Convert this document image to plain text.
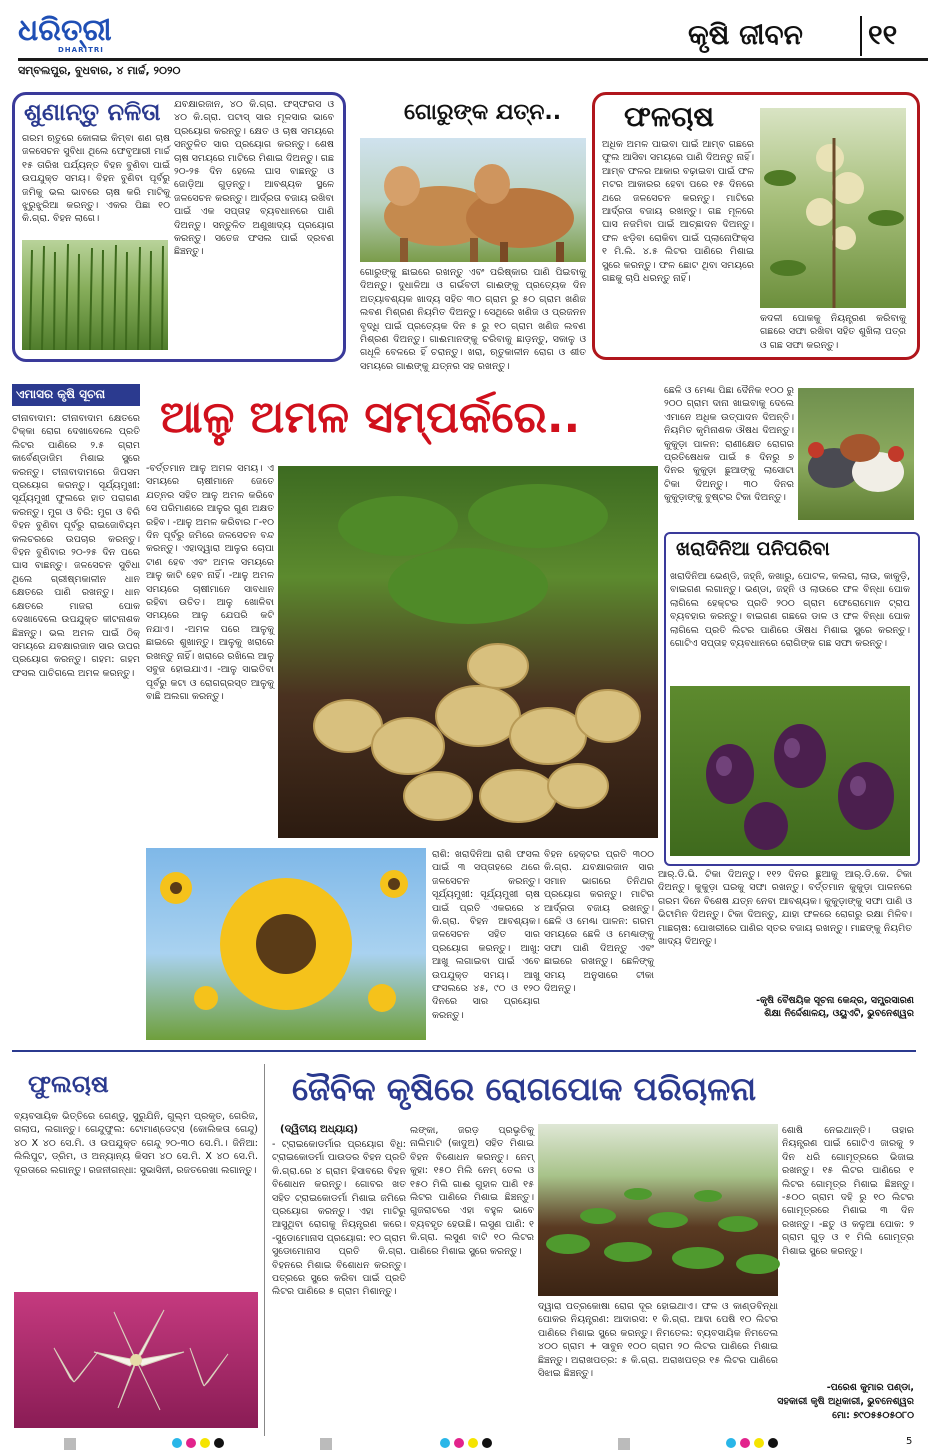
ଧରିତ୍ରୀ
DHARITRI
ସମ୍ବଲପୁର, ବୁଧବାର, ୪ ମାର୍ଚ୍ଚ, ୨୦୨୦
କୃଷି ଜୀବନ ୧୧
ଶୁଣାନ୍ତୁ ନଳିତା
ଗରମ ଋତୁରେ କୋଳାଇ କିମ୍ବା ଶଣ ଚାଷ ଜଳସେଚନ ସୁବିଧା ଥିଲେ ଫେବୃଆରୀ ମାର୍ଚ୍ଚ ୧୫ ତାରିଖ ପର୍ଯ୍ୟନ୍ତ ବିହନ ବୁଣିବା ପାଇଁ ଉପଯୁକ୍ତ ସମୟ। ବିହନ ବୁଣିବା ପୂର୍ବରୁ ଜମିକୁ ଭଲ ଭାବରେ ଚାଷ କରି ମାଟିକୁ ଝୁରୁଝୁରିଆ କରନ୍ତୁ। ଏକର ପିଛା ୧୦ କି.ଗ୍ରା. ବିହନ ଲାଗେ।
ଯବକ୍ଷାରଜାନ, ୪୦ କି.ଗ୍ରା. ଫସ୍‌ଫରସ ଓ ୪୦ କି.ଗ୍ରା. ପଟାସ୍ ସାର ମୂଳସାର ଭାବେ ପ୍ରୟୋଗ କରନ୍ତୁ। କ୍ଷେତ ଓ ଚାଷ ସମୟରେ ସନ୍ତୁଳିତ ସାର ପ୍ରୟୋଗ କରନ୍ତୁ। ଶେଷ ଚାଷ ସମୟରେ ମାଟିରେ ମିଶାଇ ଦିଅନ୍ତୁ। ଗଛ ୨୦-୨୫ ଦିନ ହେଲେ ଘାସ ବାଛନ୍ତୁ ଓ ଜୋଡ଼ିଆ ଗୁଡ଼ନ୍ତୁ। ଆବଶ୍ୟକ ସ୍ଥଳେ ଜଳସେଚନ କରନ୍ତୁ। ଆର୍ଦ୍ରତା ବଜାୟ ରଖିବା ପାଇଁ ଏକ ସପ୍ତାହ ବ୍ୟବଧାନରେ ପାଣି ଦିଅନ୍ତୁ। ସନ୍ତୁଳିତ ଅଣୁଖାଦ୍ୟ ପ୍ରୟୋଗ କରନ୍ତୁ। ସତେଜ ଫସଲ ପାଇଁ ଦ୍ରବଣ ଛିଞ୍ଚନ୍ତୁ।
ଗୋରୁଙ୍କ ଯତ୍ନ..
ଗୋରୁଙ୍କୁ ଛାଇରେ ରଖନ୍ତୁ ଏବଂ ପରିଷ୍କାର ପାଣି ପିଇବାକୁ ଦିଅନ୍ତୁ। ଦୁଧାଳିଆ ଓ ଗର୍ଭବତୀ ଗାଈଙ୍କୁ ପ୍ରତ୍ୟେକ ଦିନ ଅତ୍ୟାବଶ୍ୟକ ଖାଦ୍ୟ ସହିତ ୩୦ ଗ୍ରାମ ରୁ ୫୦ ଗ୍ରାମ ଖଣିଜ ଲବଣ ମିଶ୍ରଣ ନିୟମିତ ଦିଅନ୍ତୁ। ସେଥିରେ ଖଣିଜ ଓ ପ୍ରଜନନ ବୃଦ୍ଧି ପାଇଁ ପ୍ରତ୍ୟେକ ଦିନ ୫ ରୁ ୧୦ ଗ୍ରାମ ଖଣିଜ ଲବଣ ମିଶ୍ରଣ ଦିଅନ୍ତୁ। ଗାଈମାନଙ୍କୁ ଚରିବାକୁ ଛାଡ଼ନ୍ତୁ, ସକାଳୁ ଓ ଗଧୂଳି ବେଳରେ ହିଁ ଚରାନ୍ତୁ। ଖରା, ଋତୁକାଳୀନ ରୋଗ ଓ ଶୀତ ସମୟରେ ଗାଈଙ୍କୁ ଯତ୍ନର ସହ ରଖନ୍ତୁ।
ଫଳଚାଷ
ଅଧିକ ଅମଳ ପାଇବା ପାଇଁ ଆମ୍ବ ଗଛରେ ଫୁଲ ଆସିବା ସମୟରେ ପାଣି ଦିଅନ୍ତୁ ନାହିଁ। ଆମ୍ବ ଫଳର ଆକାର ବଢ଼ାଇବା ପାଇଁ ଫଳ ମଟର ଆକାରର ହେବା ପରେ ୧୫ ଦିନରେ ଥରେ ଜଳସେଚନ କରନ୍ତୁ। ମାଟିରେ ଆର୍ଦ୍ରତା ବଜାୟ ରଖନ୍ତୁ। ଗଛ ମୂଳରେ ଘାସ ନଜମିବା ପାଇଁ ଆଚ୍ଛାଦନ ଦିଅନ୍ତୁ। ଫଳ ଝଡ଼ିବା ରୋକିବା ପାଇଁ ପ୍ଲାନୋଫିକ୍ସ ୧ ମି.ଲି. ୪.୫ ଲିଟର ପାଣିରେ ମିଶାଇ ସ୍ପ୍ରେ କରନ୍ତୁ। ଫଳ ଛୋଟ ଥିବା ସମୟରେ ଗଛକୁ ଚାପି ଧରନ୍ତୁ ନାହିଁ।
କଦଳୀ ପୋକକୁ ନିୟନ୍ତ୍ରଣ କରିବାକୁ ଗଛରେ ସଫା ରଖିବା ସହିତ ଶୁଖିଲା ପତ୍ର ଓ ଗଛ ସଫା କରନ୍ତୁ।
ଏମାସର କୃଷି ସୂଚନା
ଚୀନାବାଦାମ: ଚୀନାବାଦାମ କ୍ଷେତରେ ଟିକ୍କା ରୋଗ ଦେଖାଦେଲେ ପ୍ରତି ଲିଟର ପାଣିରେ ୨.୫ ଗ୍ରାମ କାର୍ବେଣ୍ଡାଜିମ ମିଶାଇ ସ୍ପ୍ରେ କରନ୍ତୁ। ଚୀନାବାଦାମରେ ଜିପସମ ପ୍ରୟୋଗ କରନ୍ତୁ। ସୂର୍ଯ୍ୟମୁଖୀ: ସୂର୍ଯ୍ୟମୁଖୀ ଫୁଲରେ ହାତ ପରାଗଣ କରନ୍ତୁ। ମୁଗ ଓ ବିରି: ମୁଗ ଓ ବିରି ବିହନ ବୁଣିବା ପୂର୍ବରୁ ରାଇଜୋବିୟମ କଲଚରରେ ଉପଚାର କରନ୍ତୁ। ବିହନ ବୁଣିବାର ୨୦-୨୫ ଦିନ ପରେ ଘାସ ବାଛନ୍ତୁ। ଜଳସେଚନ ସୁବିଧା ଥିଲେ ଗ୍ରୀଷ୍ମକାଳୀନ ଧାନ କ୍ଷେତରେ ପାଣି ରଖନ୍ତୁ। ଧାନ କ୍ଷେତରେ ମାଜରା ପୋକ ଦେଖାଦେଲେ ଉପଯୁକ୍ତ କୀଟନାଶକ ଛିଞ୍ଚନ୍ତୁ। ଭଲ ଅମଳ ପାଇଁ ଠିକ୍ ସମୟରେ ଯବକ୍ଷାରଜାନ ସାର ଉପର ପ୍ରୟୋଗ କରନ୍ତୁ। ଗହମ: ଗହମ ଫସଲ ପାଚିଗଲେ ଅମଳ କରନ୍ତୁ।
ଆଳୁ ଅମଳ ସମ୍ପର୍କରେ..
-ବର୍ତ୍ତମାନ ଆଳୁ ଅମଳ ସମୟ। ଏ ସମୟରେ ଚାଷୀମାନେ ଜେତେ ଯତ୍ନର ସହିତ ଆଳୁ ଅମଳ କରିବେ ସେ ପରିମାଣରେ ଆଳୁର ଗୁଣ ଅକ୍ଷତ ରହିବ। -ଆଳୁ ଅମଳ କରିବାର ୮-୧୦ ଦିନ ପୂର୍ବରୁ ଜମିରେ ଜଳସେଚନ ବନ୍ଦ କରନ୍ତୁ। ଏହାଦ୍ୱାରା ଆଳୁର ଚୋପା ଟାଣ ହେବ ଏବଂ ଅମଳ ସମୟରେ ଆଳୁ କାଟି ହେବ ନାହିଁ। -ଆଳୁ ଅମଳ ସମୟରେ ଚାଷୀମାନେ ସାବଧାନ ରହିବା ଉଚିତ। ଆଳୁ ଖୋଳିବା ସମୟରେ ଆଳୁ ଯେପରି କଟି ନଯାଏ। -ଅମଳ ପରେ ଆଳୁକୁ ଛାଇରେ ଶୁଖାନ୍ତୁ। ଆଳୁକୁ ଖରାରେ ରଖନ୍ତୁ ନାହିଁ। ଖରାରେ ରଖିଲେ ଆଳୁ ସବୁଜ ହୋଇଯାଏ। -ଆଳୁ ସାଇତିବା ପୂର୍ବରୁ କଟା ଓ ରୋଗଗ୍ରସ୍ତ ଆଳୁକୁ ବାଛି ଅଲଗା କରନ୍ତୁ।
ଛେଳି ଓ ମେଣ୍ଢା ପିଛା ଦୈନିକ ୧୦୦ ରୁ ୨୦୦ ଗ୍ରାମ ଦାନା ଖାଇବାକୁ ଦେଲେ ଏମାନେ ଅଧିକ ଉତ୍ପାଦନ ଦିଅନ୍ତି। ନିୟମିତ କୃମିନାଶକ ଔଷଧ ଦିଅନ୍ତୁ। କୁକୁଡ଼ା ପାଳନ: ରାଣୀକ୍ଷେତ ରୋଗର ପ୍ରତିଷେଧକ ପାଇଁ ୫ ଦିନରୁ ୭ ଦିନର କୁକୁଡ଼ା ଛୁଆଙ୍କୁ ଲାସୋଟା ଟିକା ଦିଅନ୍ତୁ। ୩୦ ଦିନର କୁକୁଡ଼ାଙ୍କୁ ବୁଷ୍ଟର ଟିକା ଦିଅନ୍ତୁ।
ଖରାଦିନିଆ ପନିପରିବା
ଖରାଦିନିଆ ଭେଣ୍ଡି, ଜହ୍ନି, କଖାରୁ, ପୋଟଳ, କଲରା, ଲାଉ, କାକୁଡ଼ି, ବାଇଗଣ ଲଗାନ୍ତୁ। ଭଣ୍ଡା, ଜହ୍ନି ଓ ଲାଉରେ ଫଳ ବିନ୍ଧା ପୋକ ଲାଗିଲେ ହେକ୍ଟର ପ୍ରତି ୨୦୦ ଗ୍ରାମ ଫେରୋମୋନ ଟ୍ରାପ ବ୍ୟବହାର କରନ୍ତୁ। ବାଇଗଣ ଗଛରେ ଡାଳ ଓ ଫଳ ବିନ୍ଧା ପୋକ ଲାଗିଲେ ପ୍ରତି ଲିଟର ପାଣିରେ ଔଷଧ ମିଶାଇ ସ୍ପ୍ରେ କରନ୍ତୁ। ଗୋଟିଏ ସପ୍ତାହ ବ୍ୟବଧାନରେ ରୋଗିଙ୍କ ଗଛ ସଫା କରନ୍ତୁ।
ରାଶି: ଖରାଦିନିଆ ରାଶି ଫସଲ ପାଇଁ ୩ ସପ୍ତାହରେ ଥରେ ଜଳସେଚନ କରନ୍ତୁ। ସୂର୍ଯ୍ୟମୁଖୀ: ସୂର୍ଯ୍ୟମୁଖୀ ଚାଷ ପାଇଁ ପ୍ରତି ଏକରରେ ୪ କି.ଗ୍ରା. ବିହନ ଆବଶ୍ୟକ। ଜଳସେଚନ ସହିତ ସାର ପ୍ରୟୋଗ କରନ୍ତୁ। ଆଖୁ: ଆଖୁ ଲଗାଇବା ପାଇଁ ଏବେ ଉପଯୁକ୍ତ ସମୟ। ଆଖୁ ଫସଲରେ ୪୫, ୯୦ ଓ ୧୨୦ ଦିନରେ ସାର ପ୍ରୟୋଗ କରନ୍ତୁ।
ବିହନ ହେକ୍ଟର ପ୍ରତି ୩୦୦ କି.ଗ୍ରା. ଯବକ୍ଷାରଜାନ ସାର ସମାନ ଭାଗରେ ତିନିଥର ପ୍ରୟୋଗ କରନ୍ତୁ। ମାଟିର ଆର୍ଦ୍ରତା ବଜାୟ ରଖନ୍ତୁ। ଛେଳି ଓ ମେଣ୍ଢା ପାଳନ: ଗରମ ସମୟରେ ଛେଳି ଓ ମେଣ୍ଢାଙ୍କୁ ସଫା ପାଣି ଦିଅନ୍ତୁ ଏବଂ ଛାଇରେ ରଖନ୍ତୁ। ଛେଳିଙ୍କୁ ସମୟ ଅନୁସାରେ ଟୀକା ଦିଅନ୍ତୁ।
ଆର୍.ଡି.ଭି. ଟିକା ଦିଅନ୍ତୁ। ୧୧୨ ଦିନର ଛୁଆକୁ ଆର୍.ଡି.କେ. ଟିକା ଦିଅନ୍ତୁ। କୁକୁଡ଼ା ଘରକୁ ସଫା ରଖନ୍ତୁ। ବର୍ତ୍ତମାନ କୁକୁଡ଼ା ପାଳନରେ ଗରମ ଦିନେ ବିଶେଷ ଯତ୍ନ ନେବା ଆବଶ୍ୟକ। କୁକୁଡ଼ାଙ୍କୁ ସଫା ପାଣି ଓ ଭିଟାମିନ ଦିଅନ୍ତୁ। ଟିକା ଦିଅନ୍ତୁ, ଯାହା ଫଳରେ ରୋଗରୁ ରକ୍ଷା ମିଳିବ। ମାଛଚାଷ: ପୋଖରୀରେ ପାଣିର ସ୍ତର ବଜାୟ ରଖନ୍ତୁ। ମାଛଙ୍କୁ ନିୟମିତ ଖାଦ୍ୟ ଦିଅନ୍ତୁ।
-କୃଷି ବୈଷୟିକ ସୂଚନା କେନ୍ଦ୍ର, ସମ୍ପ୍ରସାରଣ ଶିକ୍ଷା ନିର୍ଦ୍ଦେଶାଳୟ, ଓୟୁଏଟି, ଭୁବନେଶ୍ୱର
ଫୁଲଚାଷ
ବ୍ୟବସାୟିକ ଭିତ୍ତିରେ ଗେଣ୍ଡୁ, ସୁରୁଯିନି, ଗୁଲ୍ମ ପ୍ରକୃତ, ଗେରିଜ, ଗଲାପ, ଲଗାନ୍ତୁ। ଗେନ୍ଦୁଫୁଲ: ଟୋମାଣ୍ଡେଟ୍ସ (କୋଲିକତା ଗେନ୍ଦୁ) ୪୦ X ୪୦ ସେ.ମି. ଓ ଉପଯୁକ୍ତ ଗେନ୍ଦୁ ୨୦-୩୦ ସେ.ମି.। ଜିନିଆ: ଲିଲିପୁଟ, ଡ୍ରିମ, ଓ ଅନ୍ୟାନ୍ୟ କିସମ ୪୦ ସେ.ମି. X ୪୦ ସେ.ମି. ଦୂରତାରେ ଲଗାନ୍ତୁ। ରଜନୀଗନ୍ଧା: ସୁଭାସିନୀ, ରଜତରେଖା ଲଗାନ୍ତୁ।
ଜୈବିକ କୃଷିରେ ରୋଗପୋକ ପରିଚାଳନା
(ଦ୍ୱିତୀୟ ଅଧ୍ୟାୟ)
- ଟ୍ରାଇକୋଡର୍ମାର ପ୍ରୟୋଗ ବିଧି: ଟ୍ରାଇକୋଡର୍ମା ପାଉଡର ବିହନ ପ୍ରତି କି.ଗ୍ରା.ରେ ୪ ଗ୍ରାମ ହିସାବରେ ବିହନ ବିଶୋଧନ କରନ୍ତୁ। ଗୋବର ଖତ ସହିତ ଟ୍ରାଇକୋଡର୍ମା ମିଶାଇ ଜମିରେ ପ୍ରୟୋଗ କରନ୍ତୁ। ଏହା ମାଟିରୁ ଆସୁଥିବା ରୋଗକୁ ନିୟନ୍ତ୍ରଣ କରେ। -ସୁଡୋମୋନାସ ପ୍ରୟୋଗ: ୧୦ ଗ୍ରାମ ସୁଡୋମୋନାସ ପ୍ରତି କି.ଗ୍ରା. ବିହନରେ ମିଶାଇ ବିଶୋଧନ କରନ୍ତୁ। ପତ୍ରରେ ସ୍ପ୍ରେ କରିବା ପାଇଁ ପ୍ରତି ଲିଟର ପାଣିରେ ୫ ଗ୍ରାମ ମିଶାନ୍ତୁ।
ଲଙ୍କା, ଜରଡ଼ ପ୍ରଭୃତିକୁ ନାଲିମାଟି (କାଦୁଅ) ସହିତ ମିଶାଇ ବିହନ ବିଶୋଧନ କରନ୍ତୁ। ନେମ୍ କୁହା: ୧୫୦ ମିଲି ନେମ୍ ତେଲ ଓ ୧୫୦ ମିଲି ଗାଈ ଗୁହାଳ ପାଣି ୧୫ ଲିଟର ପାଣିରେ ମିଶାଇ ଛିଞ୍ଚନ୍ତୁ। ଗୁଜରାଟରେ ଏହା ବହୁଳ ଭାବେ ବ୍ୟବହୃତ ହେଉଛି। ଲସୁଣ ପାଣି: ୧ କି.ଗ୍ରା. ଲସୁଣ ବାଟି ୧୦ ଲିଟର ପାଣିରେ ମିଶାଇ ସ୍ପ୍ରେ କରନ୍ତୁ।
ଦ୍ୱାରା ପତ୍ରକୋଷା ରୋଗ ଦୂର ହୋଇଥାଏ। ଫଳ ଓ କାଣ୍ଡବିନ୍ଧା ପୋକର ନିୟନ୍ତ୍ରଣ: ଆଦାରସ: ୧ କି.ଗ୍ରା. ଆଦା ପେଷି ୧୦ ଲିଟର ପାଣିରେ ମିଶାଇ ସ୍ପ୍ରେ କରନ୍ତୁ। ନିମତେଲ: ବ୍ୟବସାୟିକ ନିମତେଲ ୪୦୦ ଗ୍ରାମ + ସାବୁନ ୧୦୦ ଗ୍ରାମ ୨୦ ଲିଟର ପାଣିରେ ମିଶାଇ ଛିଞ୍ଚନ୍ତୁ। ଅରାଖପତ୍ର: ୫ କି.ଗ୍ରା. ଅରାଖପତ୍ର ୧୫ ଲିଟର ପାଣିରେ ସିଝାଇ ଛିଞ୍ଚନ୍ତୁ।
ଶୋଷି ନେଇଥାନ୍ତି। ତାହାର ନିୟନ୍ତ୍ରଣ ପାଇଁ ଗୋଟିଏ ଜାରକୁ ୨ ଦିନ ଧରି ଗୋମୂତ୍ରରେ ଭିଜାଇ ରଖନ୍ତୁ। ୧୫ ଲିଟର ପାଣିରେ ୧ ଲିଟର ଗୋମୂତ୍ର ମିଶାଇ ଛିଞ୍ଚନ୍ତୁ। -୫୦୦ ଗ୍ରାମ ଦହି ରୁ ୧୦ ଲିଟର ଗୋମୂତ୍ରରେ ମିଶାଇ ୩ ଦିନ ରଖନ୍ତୁ। -ଛତୁ ଓ କଳୁଆ ପୋକ: ୨ ଗ୍ରାମ ଗୁଡ଼ ଓ ୧ ମିଲି ଗୋମୂତ୍ର ମିଶାଇ ସ୍ପ୍ରେ କରନ୍ତୁ।
-ପରେଶ କୁମାର ପଣ୍ଡା,
ସହକାରୀ କୃଷି ଅଧିକାରୀ, ଭୁବନେଶ୍ୱର
ମୋ: ୭୯୦୫୫୦୫୦୮୦
5
